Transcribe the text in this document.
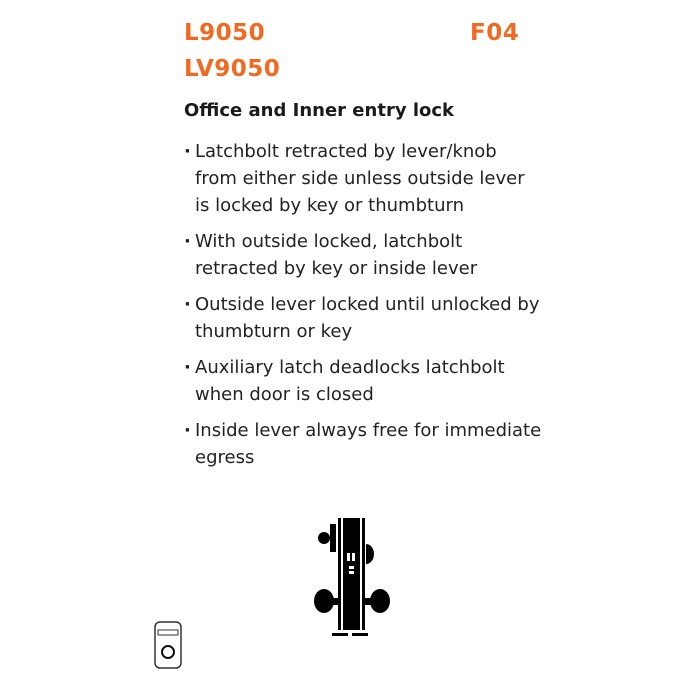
L9050
LV9050
F04
Office and Inner entry lock
· Latchbolt retracted by lever/knob from either side unless outside lever is locked by key or thumbturn
· With outside locked, latchbolt retracted by key or inside lever
· Outside lever locked until unlocked by thumbturn or key
· Auxiliary latch deadlocks latchbolt when door is closed
· Inside lever always free for immediate egress
